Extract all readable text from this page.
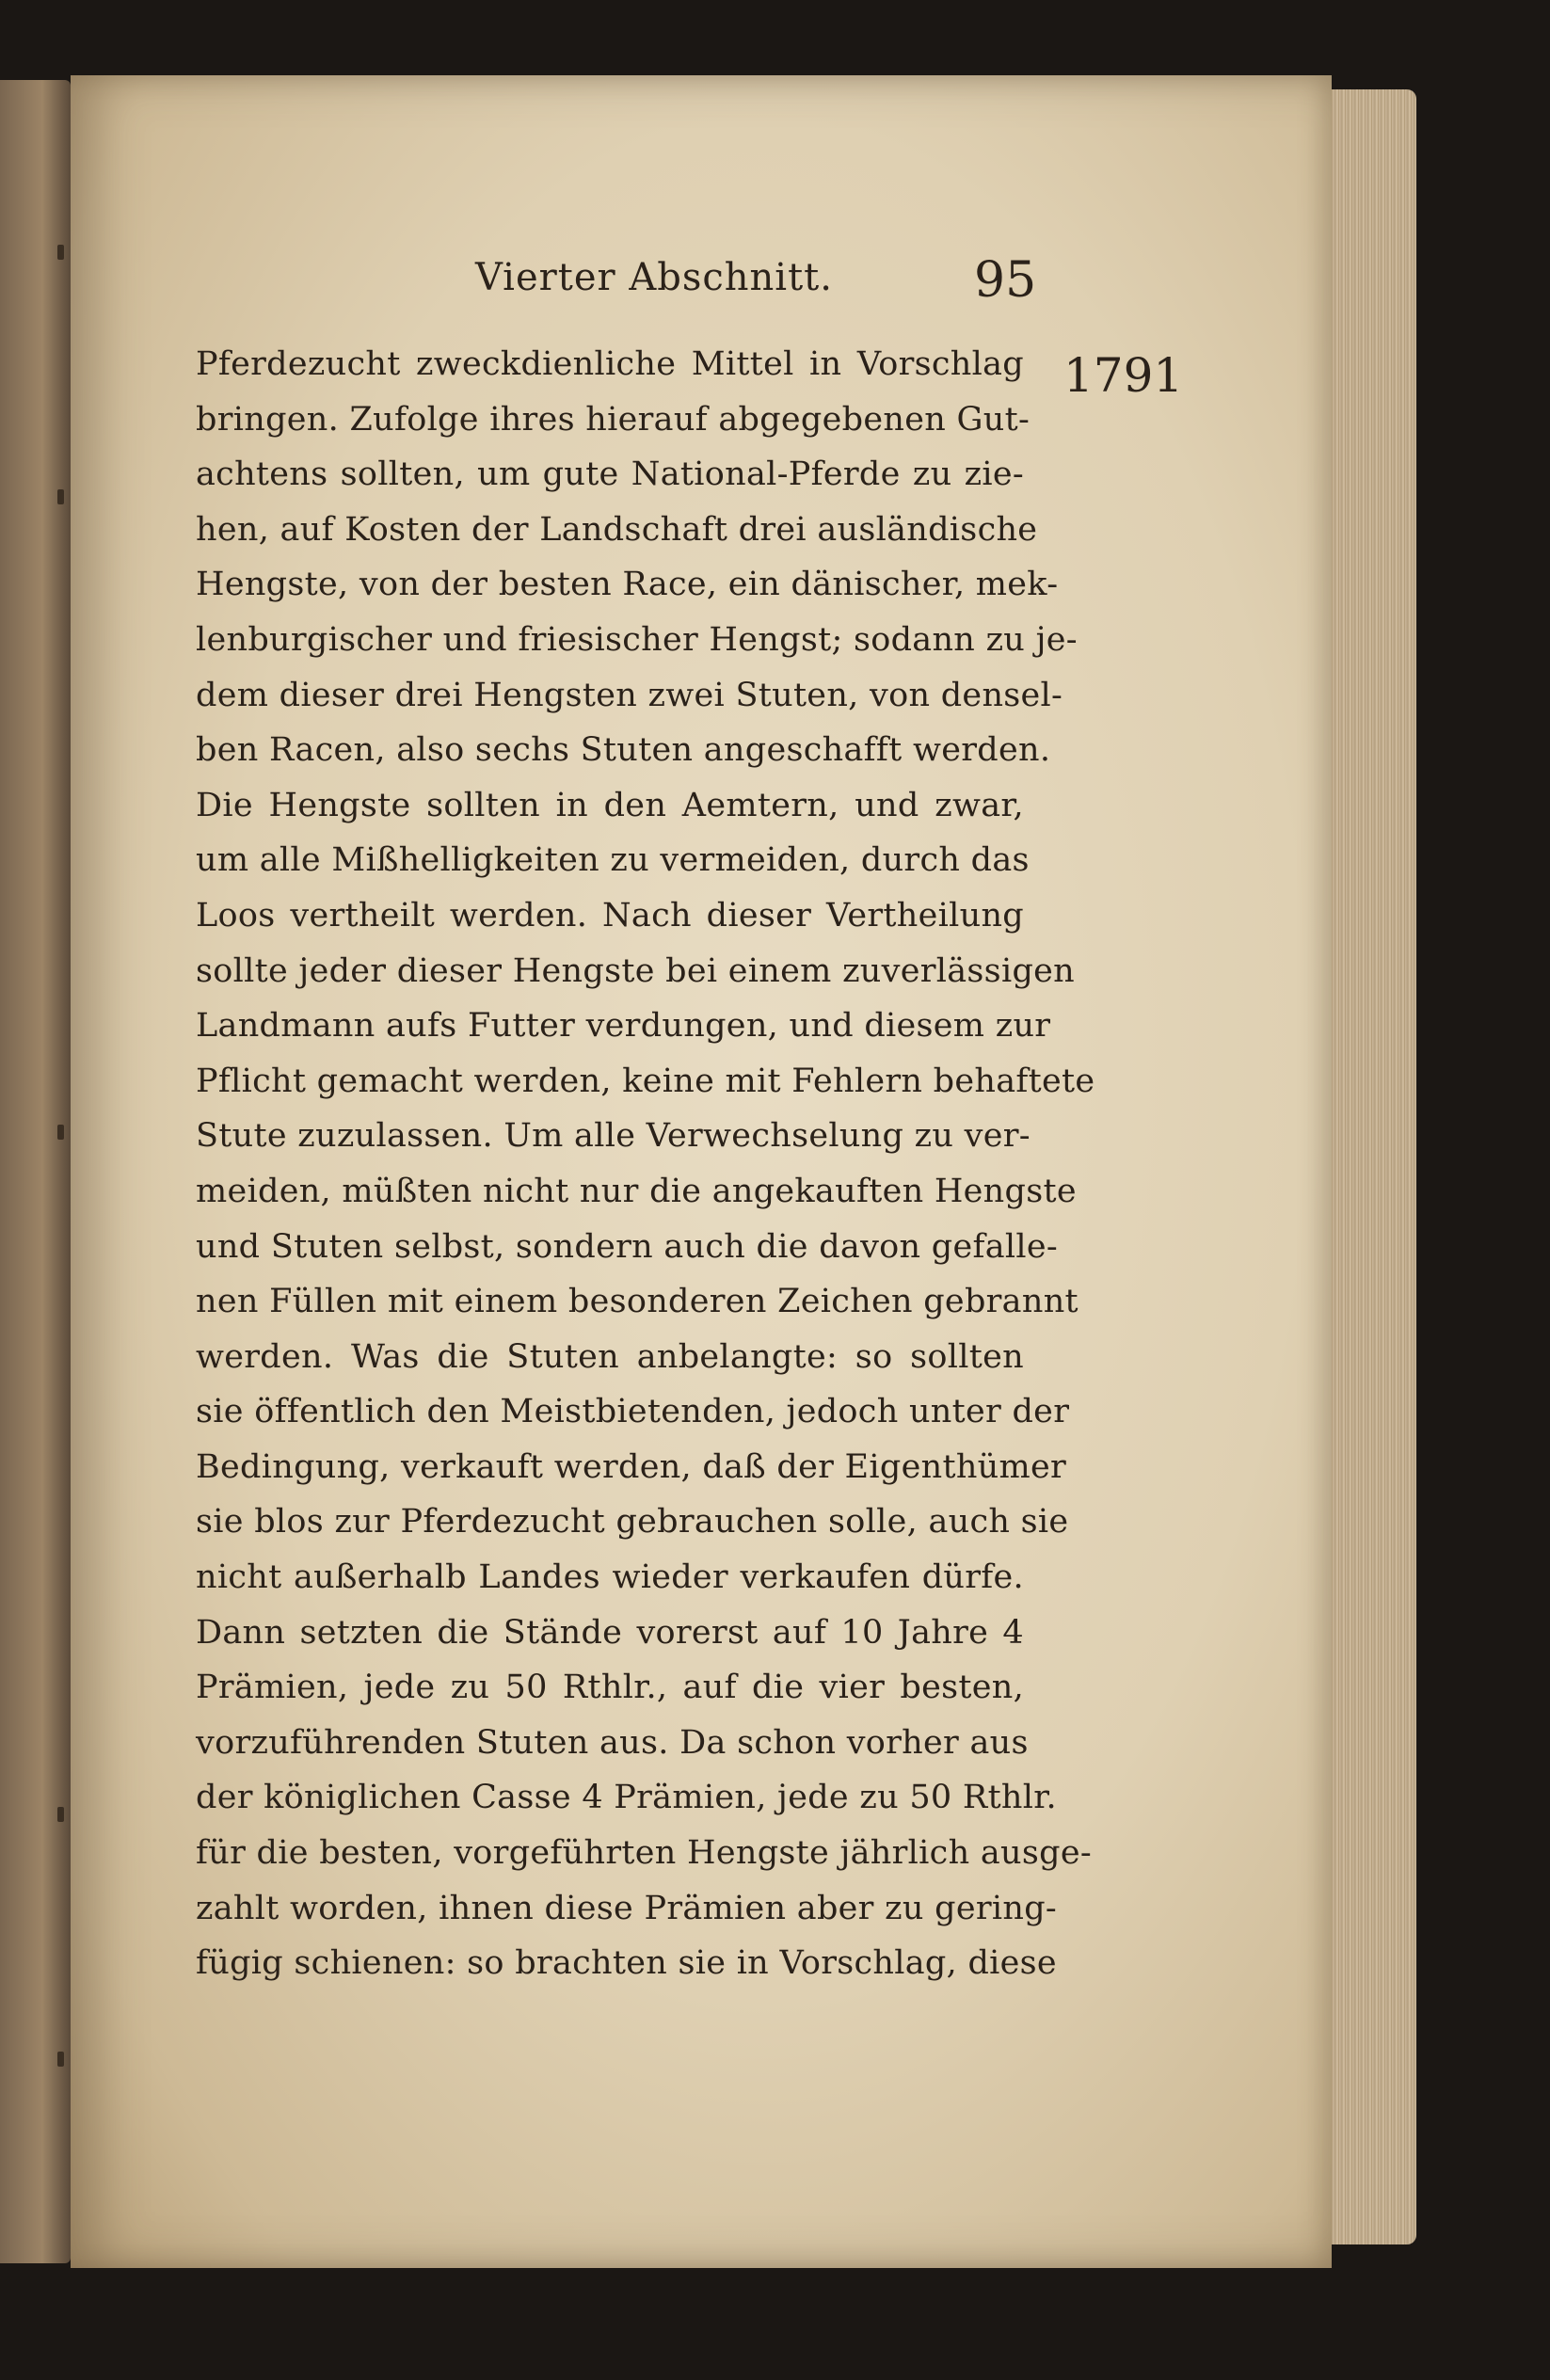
Vierter Abschnitt.	95
1791
Pferdezucht zweckdienliche Mittel in Vorschlag
bringen. Zufolge ihres hierauf abgegebenen Gut-
achtens sollten, um gute National-Pferde zu zie-
hen, auf Kosten der Landschaft drei ausländische
Hengste, von der besten Race, ein dänischer, mek-
lenburgischer und friesischer Hengst; sodann zu je-
dem dieser drei Hengsten zwei Stuten, von densel-
ben Racen, also sechs Stuten angeschafft werden.
Die Hengste sollten in den Aemtern, und zwar,
um alle Mißhelligkeiten zu vermeiden, durch das
Loos vertheilt werden. Nach dieser Vertheilung
sollte jeder dieser Hengste bei einem zuverlässigen
Landmann aufs Futter verdungen, und diesem zur
Pflicht gemacht werden, keine mit Fehlern behaftete
Stute zuzulassen. Um alle Verwechselung zu ver-
meiden, müßten nicht nur die angekauften Hengste
und Stuten selbst, sondern auch die davon gefalle-
nen Füllen mit einem besonderen Zeichen gebrannt
werden. Was die Stuten anbelangte: so sollten
sie öffentlich den Meistbietenden, jedoch unter der
Bedingung, verkauft werden, daß der Eigenthümer
sie blos zur Pferdezucht gebrauchen solle, auch sie
nicht außerhalb Landes wieder verkaufen dürfe.
Dann setzten die Stände vorerst auf 10 Jahre 4
Prämien, jede zu 50 Rthlr., auf die vier besten,
vorzuführenden Stuten aus. Da schon vorher aus
der königlichen Casse 4 Prämien, jede zu 50 Rthlr.
für die besten, vorgeführten Hengste jährlich ausge-
zahlt worden, ihnen diese Prämien aber zu gering-
fügig schienen: so brachten sie in Vorschlag, diese
